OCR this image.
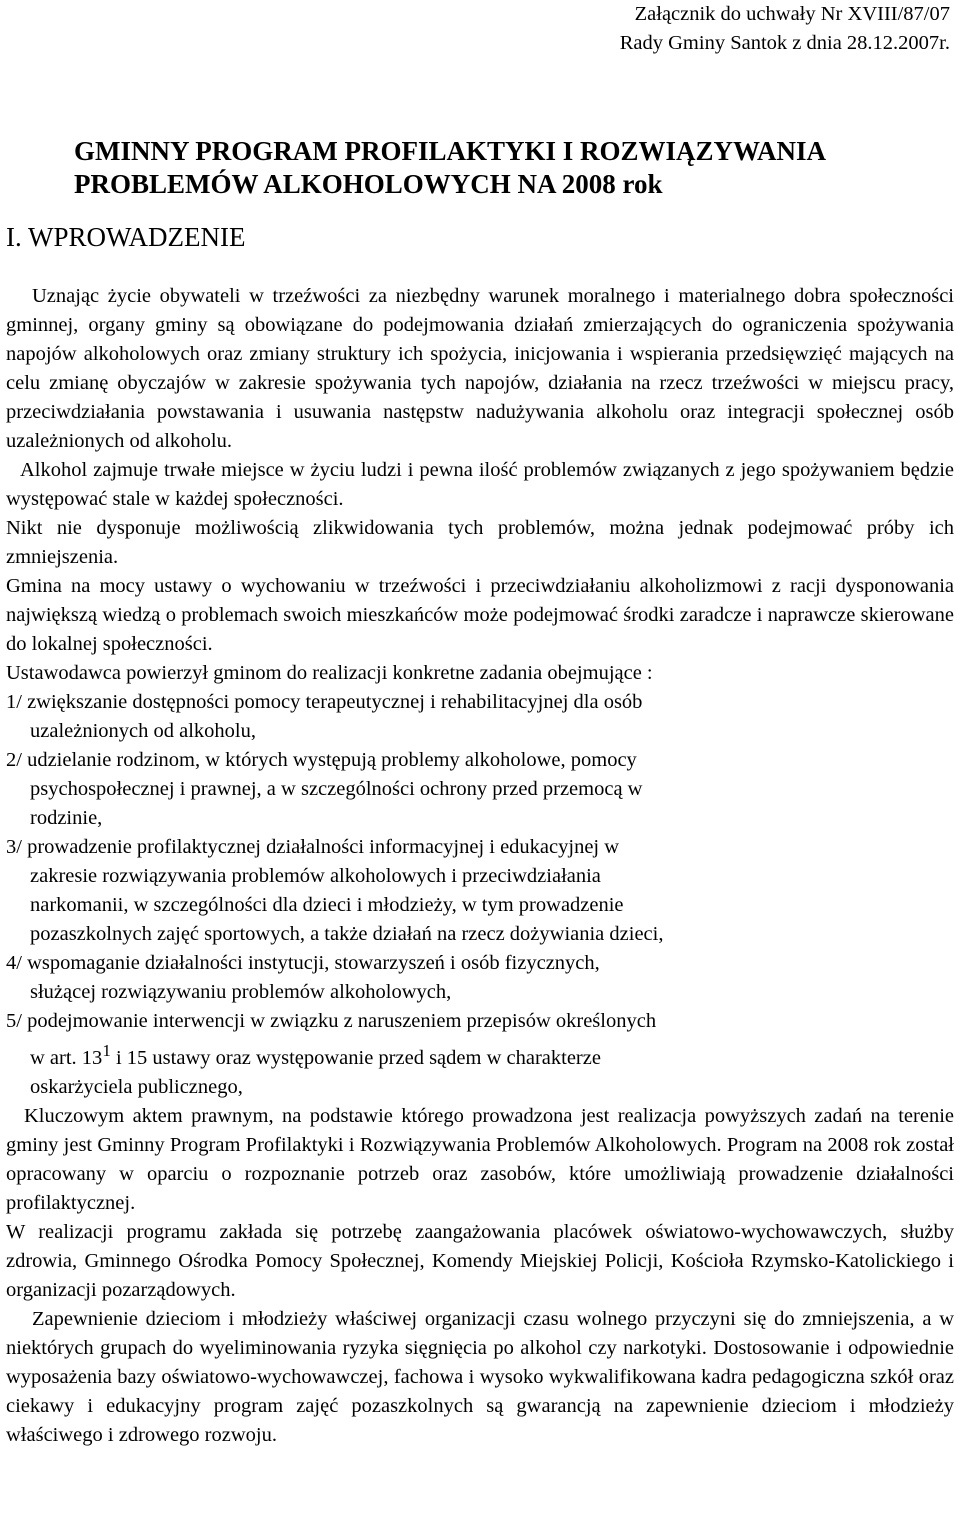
Załącznik do uchwały Nr XVIII/87/07
Rady Gminy Santok z dnia 28.12.2007r.
GMINNY PROGRAM PROFILAKTYKI I ROZWIĄZYWANIA
PROBLEMÓW ALKOHOLOWYCH NA 2008 rok
I. WPROWADZENIE

Uznając życie obywateli w trzeźwości za niezbędny warunek moralnego i materialnego dobra społeczności gminnej, organy gminy są obowiązane do podejmowania działań zmierzających do ograniczenia spożywania napojów alkoholowych oraz zmiany struktury ich spożycia, inicjowania i wspierania przedsięwzięć mających na celu zmianę obyczajów w zakresie spożywania tych napojów, działania na rzecz trzeźwości w miejscu pracy, przeciwdziałania powstawania i usuwania następstw nadużywania alkoholu oraz integracji społecznej osób uzależnionych od alkoholu.

Alkohol zajmuje trwałe miejsce w życiu ludzi i pewna ilość problemów związanych z jego spożywaniem będzie występować stale w każdej społeczności.

Nikt nie dysponuje możliwością zlikwidowania tych problemów, można jednak podejmować próby ich zmniejszenia.

Gmina na mocy ustawy o wychowaniu w trzeźwości i przeciwdziałaniu alkoholizmowi z racji dysponowania największą wiedzą o problemach swoich mieszkańców może podejmować środki zaradcze i naprawcze skierowane do lokalnej społeczności.

Ustawodawca powierzył gminom do realizacji konkretne zadania obejmujące :

1/ zwiększanie dostępności pomocy terapeutycznej i rehabilitacyjnej dla osób
uzależnionych od alkoholu,
2/ udzielanie rodzinom, w których występują problemy alkoholowe, pomocy
psychospołecznej i prawnej, a w szczególności ochrony przed przemocą w
rodzinie,
3/ prowadzenie profilaktycznej działalności informacyjnej i edukacyjnej w
zakresie rozwiązywania problemów alkoholowych i przeciwdziałania
narkomanii, w szczególności dla dzieci i młodzieży, w tym prowadzenie
pozaszkolnych zajęć sportowych, a także działań na rzecz dożywiania dzieci,
4/ wspomaganie działalności instytucji, stowarzyszeń i osób fizycznych,
służącej rozwiązywaniu problemów alkoholowych,
5/ podejmowanie interwencji w związku z naruszeniem przepisów określonych
w art. $13^1$ i 15 ustawy oraz występowanie przed sądem w charakterze
oskarżyciela publicznego,

Kluczowym aktem prawnym, na podstawie którego prowadzona jest realizacja powyższych zadań na terenie gminy jest Gminny Program Profilaktyki i Rozwiązywania Problemów Alkoholowych. Program na 2008 rok został opracowany w oparciu o rozpoznanie potrzeb oraz zasobów, które umożliwiają prowadzenie działalności profilaktycznej.

W realizacji programu zakłada się potrzebę zaangażowania placówek oświatowo-wychowawczych, służby zdrowia, Gminnego Ośrodka Pomocy Społecznej, Komendy Miejskiej Policji, Kościoła Rzymsko-Katolickiego i organizacji pozarządowych.

Zapewnienie dzieciom i młodzieży właściwej organizacji czasu wolnego przyczyni się do zmniejszenia, a w niektórych grupach do wyeliminowania ryzyka sięgnięcia po alkohol czy narkotyki. Dostosowanie i odpowiednie wyposażenia bazy oświatowo-wychowawczej, fachowa i wysoko wykwalifikowana kadra pedagogiczna szkół oraz ciekawy i edukacyjny program zajęć pozaszkolnych są gwarancją na zapewnienie dzieciom i młodzieży właściwego i zdrowego rozwoju.
